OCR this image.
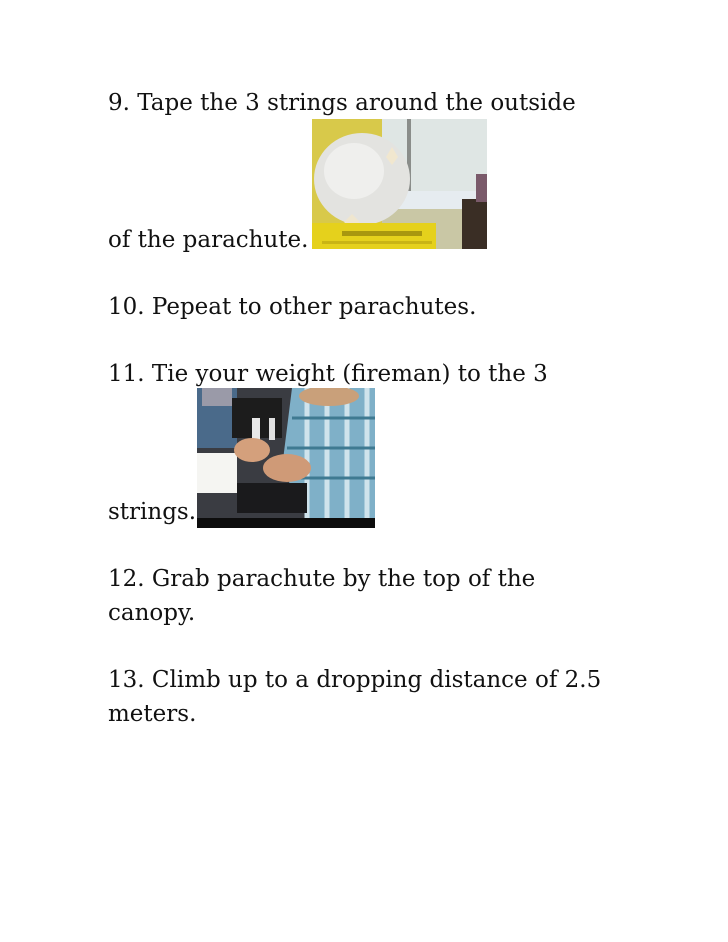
9. Tape the 3 strings around the outside

of the parachute.

10. Pepeat to other parachutes.

11. Tie your weight (fireman) to the 3

strings.

12. Grab parachute by the top of the

canopy.

13. Climb up to a dropping distance of 2.5

meters.
